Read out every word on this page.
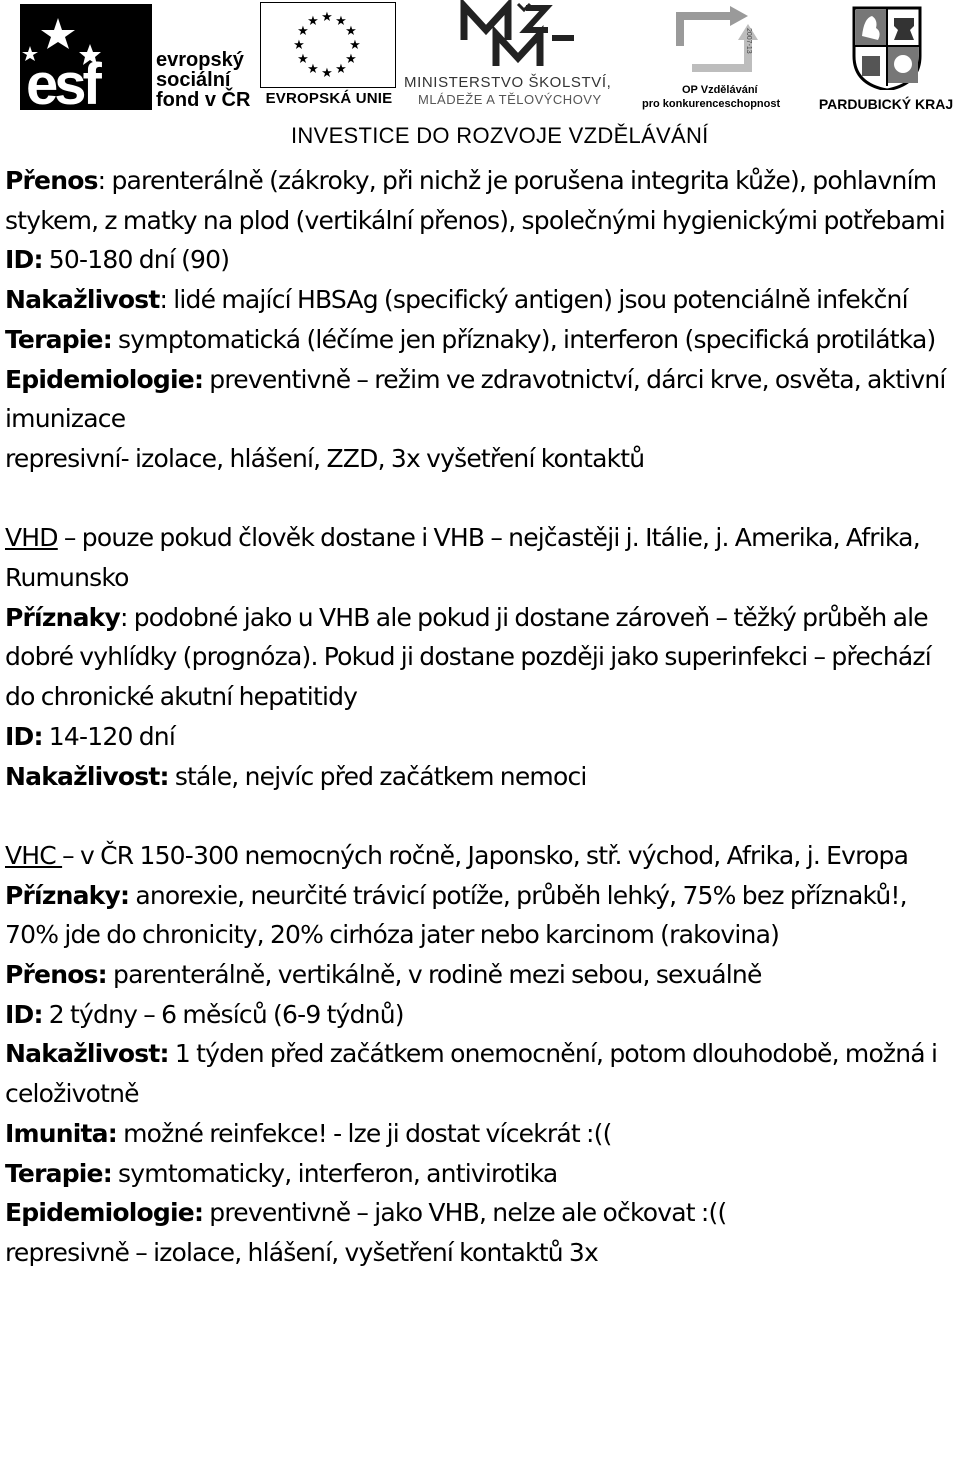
esf	evropský
sociální
fond v ČR
★ ★
★
★
★
★
★
★
★
★
★
★
EVROPSKÁ UNIE
MINISTERSTVO ŠKOLSTVÍ,
MLÁDEŽE A TĚLOVÝCHOVY
2007-13
OP Vzdělávání
pro konkurenceschopnost	PARDUBICKÝ KRAJ
INVESTICE DO ROZVOJE VZDĚLÁVÁNÍ

Přenos: parenterálně (zákroky, při nichž je porušena integrita kůže), pohlavním stykem, z matky na plod (vertikální přenos), společnými hygienickými potřebami

ID: 50-180 dní (90)

Nakažlivost: lidé mající HBSAg (specifický antigen) jsou potenciálně infekční

Terapie: symptomatická (léčíme jen příznaky), interferon (specifická protilátka)

Epidemiologie: preventivně – režim ve zdravotnictví, dárci krve, osvěta, aktivní imunizace

represivní- izolace, hlášení, ZZD, 3x vyšetření kontaktů

VHD – pouze pokud člověk dostane i VHB – nejčastěji j. Itálie, j. Amerika, Afrika, Rumunsko

Příznaky: podobné jako u VHB ale pokud ji dostane zároveň – těžký průběh ale dobré vyhlídky (prognóza). Pokud ji dostane později jako superinfekci – přechází do chronické akutní hepatitidy

ID: 14-120 dní

Nakažlivost: stále, nejvíc před začátkem nemoci

VHC – v ČR 150-300 nemocných ročně, Japonsko, stř. východ, Afrika, j. Evropa

Příznaky: anorexie, neurčité trávicí potíže, průběh lehký, 75% bez příznaků!, 70% jde do chronicity, 20% cirhóza jater nebo karcinom (rakovina)

Přenos: parenterálně, vertikálně, v rodině mezi sebou, sexuálně

ID: 2 týdny – 6 měsíců (6-9 týdnů)

Nakažlivost: 1 týden před začátkem onemocnění, potom dlouhodobě, možná i celoživotně

Imunita: možné reinfekce! - lze ji dostat vícekrát :((

Terapie: symtomaticky, interferon, antivirotika

Epidemiologie: preventivně – jako VHB, nelze ale očkovat :((

represivně – izolace, hlášení, vyšetření kontaktů 3x
